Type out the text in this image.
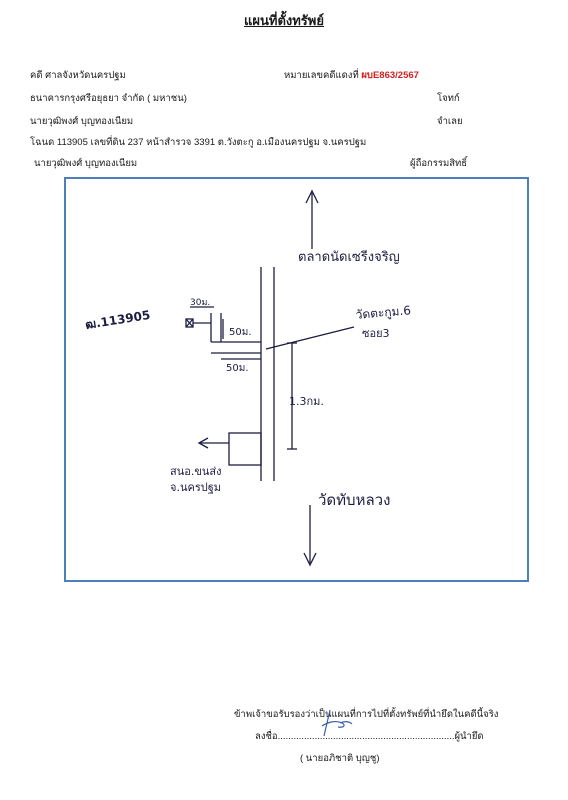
แผนที่ตั้งทรัพย์
คดี ศาลจังหวัดนครปฐม	หมายเลขคดีแดงที่ ผบE863/2567
ธนาคารกรุงศรีอยุธยา จำกัด ( มหาชน)	โจทก์
นายวุฒิพงศ์ บุญทองเนียม	จำเลย
โฉนด 113905 เลขที่ดิน 237 หน้าสำรวจ 3391 ต.วังตะกู อ.เมืองนครปฐม จ.นครปฐม
นายวุฒิพงศ์ บุญทองเนียม	ผู้ถือกรรมสิทธิ์
ตลาดนัดเซรีงจริญ
ฒ.113905
30ม.
50ม.
50ม.
วัดตะกูม.6
ซอย3
1.3กม.
สนอ.ขนส่ง
จ.นครปฐม
วัดทับหลวง
ข้าพเจ้าขอรับรองว่าเป็นแผนที่การไปที่ตั้งทรัพย์ที่นำยึดในคดีนี้จริง
ลงชื่อ...................................................................ผู้นำยึด
( นายอภิชาติ บุญชู)
